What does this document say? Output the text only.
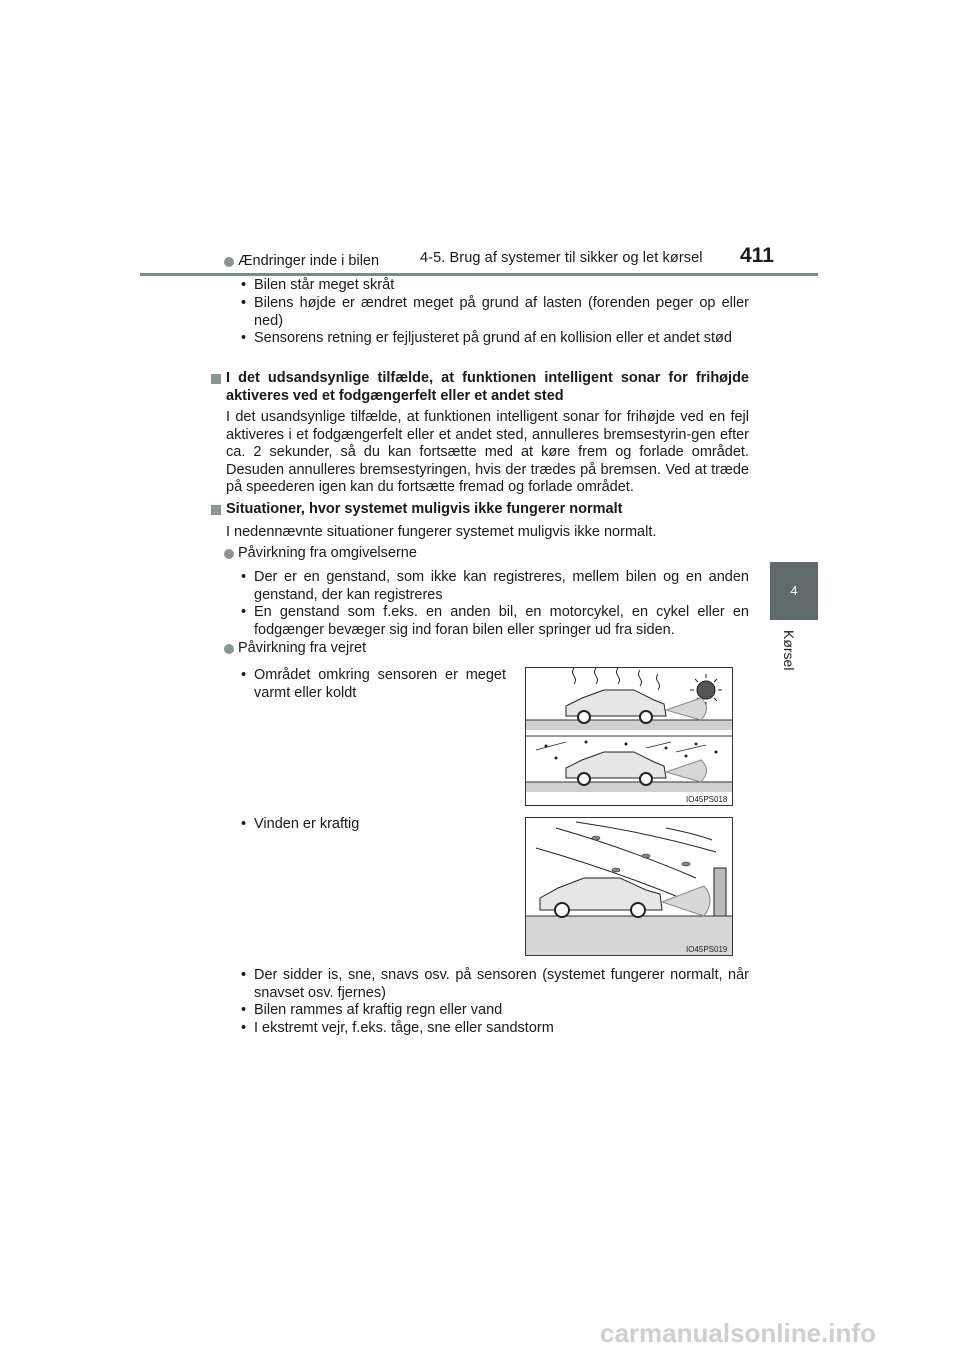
4-5. Brug af systemer til sikker og let kørsel 411
4
Kørsel
Ændringer inde i bilen
• Bilen står meget skråt
• Bilens højde er ændret meget på grund af lasten (forenden peger op eller ned)
• Sensorens retning er fejljusteret på grund af en kollision eller et andet stød
I det udsandsynlige tilfælde, at funktionen intelligent sonar for frihøjde aktiveres ved et fodgængerfelt eller et andet sted
I det usandsynlige tilfælde, at funktionen intelligent sonar for frihøjde ved en fejl aktiveres i et fodgængerfelt eller et andet sted, annulleres bremsestyrin-gen efter ca. 2 sekunder, så du kan fortsætte med at køre frem og forlade området. Desuden annulleres bremsestyringen, hvis der trædes på bremsen. Ved at træde på speederen igen kan du fortsætte fremad og forlade området.
Situationer, hvor systemet muligvis ikke fungerer normalt
I nedennævnte situationer fungerer systemet muligvis ikke normalt.
Påvirkning fra omgivelserne
• Der er en genstand, som ikke kan registreres, mellem bilen og en anden genstand, der kan registreres
• En genstand som f.eks. en anden bil, en motorcykel, en cykel eller en fodgænger bevæger sig ind foran bilen eller springer ud fra siden.
Påvirkning fra vejret
• Området omkring sensoren er meget varmt eller koldt
IO45PS018
• Vinden er kraftig
IO45PS019
• Der sidder is, sne, snavs osv. på sensoren (systemet fungerer normalt, når snavset osv. fjernes)
• Bilen rammes af kraftig regn eller vand
• I ekstremt vejr, f.eks. tåge, sne eller sandstorm
carmanualsonline.info
